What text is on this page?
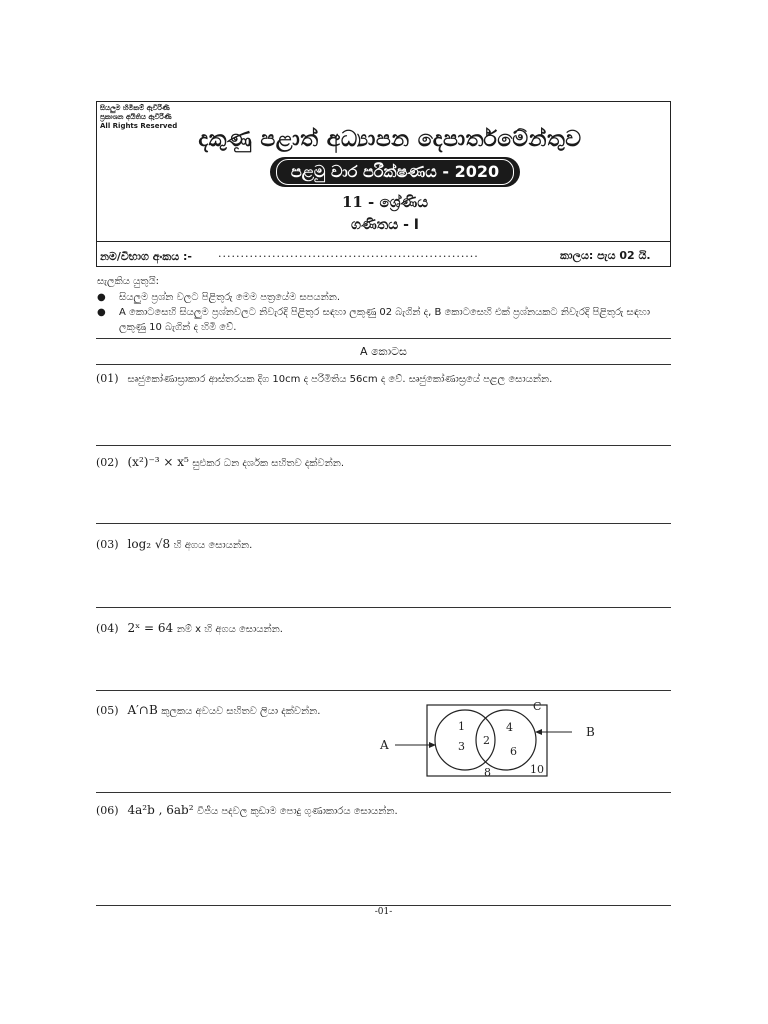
සියලුම හිමිකම් ඇවිරිණි
ප්‍රකාශන අයිතිය ඇවිරිණි
All Rights Reserved
දකුණු පළාත් අධ්‍යාපන දෙපාර්තමේන්තුව
පළමු වාර පරීක්ෂණය - 2020
11 - ශ්‍රේණිය
ගණිතය - I
නම/විභාග අංකය :- ..........................................................	කාලය: පැය 02 යි.
සැලකිය යුතුයි:
● සියලුම ප්‍රශ්න වලට පිළිතුරු මෙම පත්‍රයේම සපයන්න.
● A කොටසෙහි සියලුම ප්‍රශ්නවලට නිවැරදි පිළිතුර සඳහා ලකුණු 02 බැගින් ද, B කොටසෙහි එක් ප්‍රශ්නයකට නිවැරදි පිළිතුරු සඳහා ලකුණු 10 බැගින් ද හිමි වේ.
A කොටස
(01) සෘජුකෝණාස්‍රාකාර ආස්තරයක දිග 10cm ද පරිමිතිය 56cm ද වේ. සෘජුකෝණාස්‍රයේ පළල සොයන්න.
(02) (x²)⁻³ × x⁵ සුළුකර ධන දර්ශක සහිතව දක්වන්න.
(03) log₂ √8 හි අගය සොයන්න.
(04) 2ˣ = 64 නම් x හි අගය සොයන්න.
(05) A′∩B කුලකය අවයව සහිතව ලියා දක්වන්න.	C
A
B
1
3 2
4
6
8	10
(06) 4a²b , 6ab² වීජීය පදවල කුඩාම පොදු ගුණාකාරය සොයන්න.
-01-
